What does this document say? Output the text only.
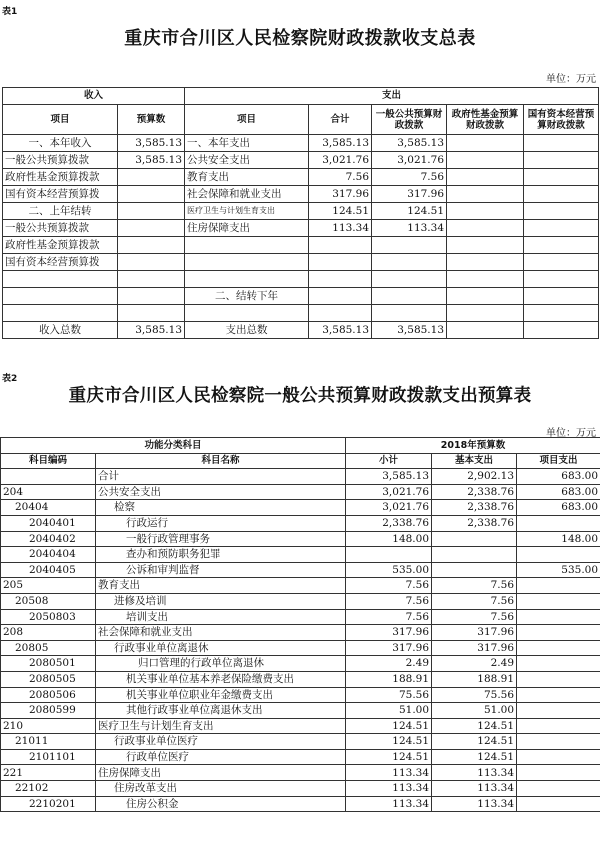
表1
重庆市合川区人民检察院财政拨款收支总表
单位：万元
收入		支出				
项目	预算数	项目	合计	一般公共预算财政拨款	政府性基金预算财政拨款	国有资本经营预算财政拨款
一、本年收入	3,585.13	一、本年支出	3,585.13	3,585.13		
一般公共预算拨款	3,585.13	公共安全支出	3,021.76	3,021.76		
政府性基金预算拨款		教育支出	7.56	7.56		
国有资本经营预算拨		社会保障和就业支出	317.96	317.96		
二、上年结转		医疗卫生与计划生育支出	124.51	124.51		
一般公共预算拨款		住房保障支出	113.34	113.34		
政府性基金预算拨款						
国有资本经营预算拨						

		二、结转下年				

收入总数	3,585.13	支出总数	3,585.13	3,585.13		
表2
重庆市合川区人民检察院一般公共预算财政拨款支出预算表
单位：万元
功能分类科目		2018年预算数		
科目编码	科目名称	小计	基本支出	项目支出
	合计	3,585.13	2,902.13	683.00
204	公共安全支出	3,021.76	2,338.76	683.00
20404	检察	3,021.76	2,338.76	683.00
2040401	行政运行	2,338.76	2,338.76	
2040402	一般行政管理事务	148.00		148.00
2040404	查办和预防职务犯罪			
2040405	公诉和审判监督	535.00		535.00
205	教育支出	7.56	7.56	
20508	进修及培训	7.56	7.56	
2050803	培训支出	7.56	7.56	
208	社会保障和就业支出	317.96	317.96	
20805	行政事业单位离退休	317.96	317.96	
2080501	归口管理的行政单位离退休	2.49	2.49	
2080505	机关事业单位基本养老保险缴费支出	188.91	188.91	
2080506	机关事业单位职业年金缴费支出	75.56	75.56	
2080599	其他行政事业单位离退休支出	51.00	51.00	
210	医疗卫生与计划生育支出	124.51	124.51	
21011	行政事业单位医疗	124.51	124.51	
2101101	行政单位医疗	124.51	124.51	
221	住房保障支出	113.34	113.34	
22102	住房改革支出	113.34	113.34	
2210201	住房公积金	113.34	113.34	
